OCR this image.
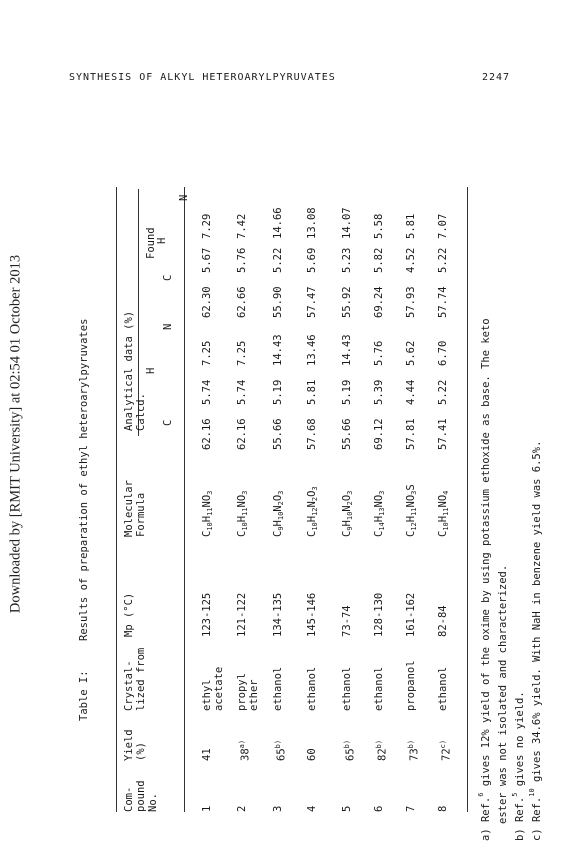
SYNTHESIS OF ALKYL HETEROARYLPYRUVATES	2247
Downloaded by [RMIT University] at 02:54 01 October 2013
Table I:
Results of preparation of ethyl heteroarylpyruvates
Com- pound No.
Yield (%)
Crystal- lized from
Mp (°C)
Molecular Formula
Analytical data (%) Calcd.
Found
C
H
N
C
H
N
1
41
ethyl acetate
123-125
$C_{10}H_{11}NO_3$
62.16
5.74
7.25
62.30
5.67
7.29
2
38$^{a)}$
propyl ether
121-122
$C_{10}H_{11}NO_3$
62.16
5.74
7.25
62.66
5.76
7.42
3
65$^{b)}$
ethanol
134-135
$C_9H_{10}N_2O_3$
55.66
5.19
14.43
55.90
5.22
14.66
4
60
ethanol
145-146
$C_{10}H_{12}N_2O_3$
57.68
5.81
13.46
57.47
5.69
13.08
5
65$^{b)}$
ethanol
73-74
$C_9H_{10}N_2O_3$
55.66
5.19
14.43
55.92
5.23
14.07
6
82$^{b)}$
ethanol
128-130
$C_{14}H_{13}NO_3$
69.12
5.39
5.76
69.24
5.82
5.58
7
73$^{b)}$
propanol
161-162
$C_{12}H_{11}NO_3S$
57.81
4.44
5.62
57.93
4.52
5.81
8
72$^{c)}$
ethanol
82-84
$C_{10}H_{11}NO_4$
57.41
5.22
6.70
57.74
5.22
7.07
a) Ref.$^6$ gives 12% yield of the oxime by using potassium ethoxide as base. The keto ester was not isolated and characterized. b) Ref.$^5$ gives no yield.
c) Ref.$^{10}$ gives 34.6% yield. With NaH in benzene yield was 6.5%.
